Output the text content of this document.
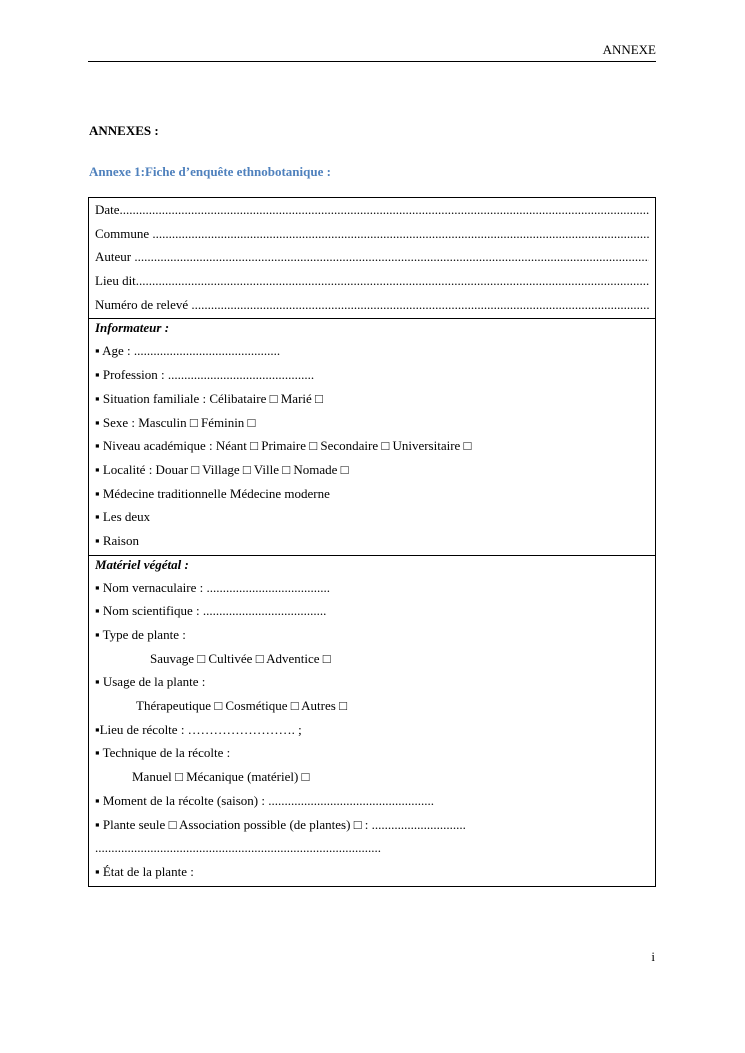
ANNEXE
ANNEXES :
Annexe 1:Fiche d’enquête ethnobotanique :
Date .....
Commune .....
Auteur .....
Lieu dit .....
Numéro de relevé .....
Informateur :
▪ Age : .............................................
▪ Profession : .............................................
▪ Situation familiale : Célibataire □ Marié □
▪ Sexe : Masculin □ Féminin □
▪ Niveau académique : Néant □ Primaire □ Secondaire □ Universitaire □
▪ Localité : Douar □ Village □ Ville □ Nomade □
▪ Médecine traditionnelle Médecine moderne
▪ Les deux
▪ Raison
Matériel végétal :
▪ Nom vernaculaire : ......................................
▪ Nom scientifique : ......................................
▪ Type de plante :
Sauvage □ Cultivée □ Adventice □
▪ Usage de la plante :
Thérapeutique □ Cosmétique □ Autres □
▪Lieu de récolte : ……………………. ;
▪ Technique de la récolte :
Manuel □ Mécanique (matériel) □
▪ Moment de la récolte (saison) : ...................................................
▪ Plante seule □ Association possible (de plantes) □ : .............................
........................................................................................
▪ État de la plante :
i
